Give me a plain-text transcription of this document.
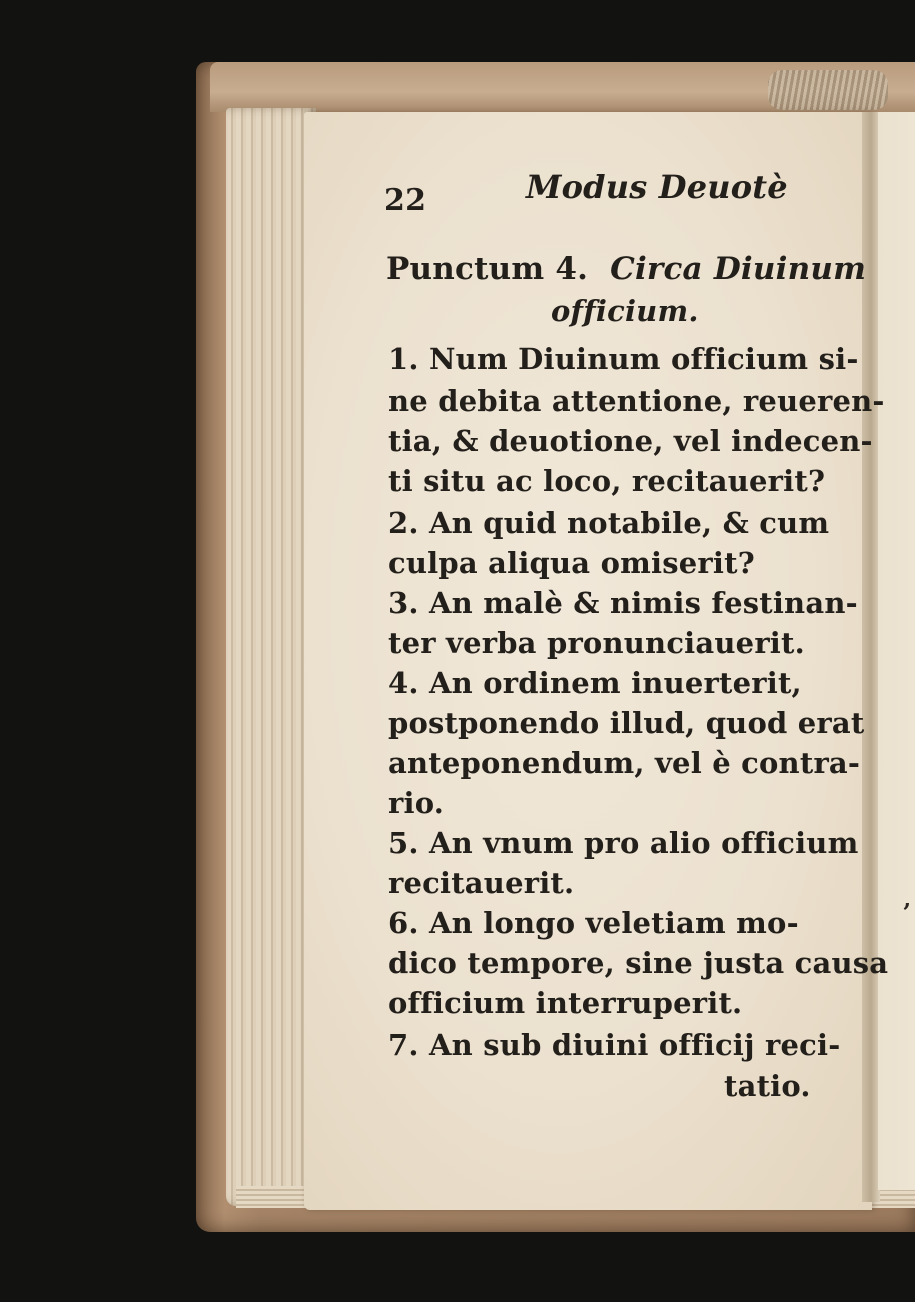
‚
22	Modus Deuotè
Punctum 4. Circa Diuinum
officium.
1. Num Diuinum officium si-
ne debita attentione, reueren-
tia, & deuotione, vel indecen-
ti situ ac loco, recitauerit?
2. An quid notabile, & cum
culpa aliqua omiserit?
3. An malè & nimis festinan-
ter verba pronunciauerit.
4. An ordinem inuerterit,
postponendo illud, quod erat
anteponendum, vel è contra-
rio.
5. An vnum pro alio officium
recitauerit.
6. An longo veletiam mo-
dico tempore, sine justa causa
officium interruperit.
7. An sub diuini officij reci-
tatio.
